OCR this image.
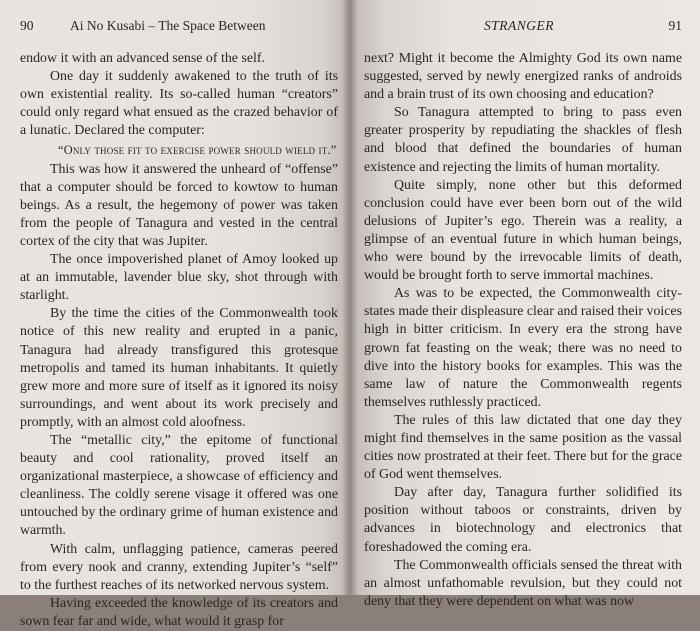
90	Ai No Kusabi – The Space Between

endow it with an advanced sense of the self.

One day it suddenly awakened to the truth of its own existential reality. Its so-called human “creators” could only regard what ensued as the crazed behavior of a lunatic. Declared the computer:

“Only those fit to exercise power should wield it.”

This was how it answered the unheard of “offense” that a computer should be forced to kowtow to human beings. As a result, the hegemony of power was taken from the people of Tanagura and vested in the central cortex of the city that was Jupiter.

The once impoverished planet of Amoy looked up at an immutable, lavender blue sky, shot through with starlight.

By the time the cities of the Commonwealth took notice of this new reality and erupted in a panic, Tanagura had already transfigured this grotesque metropolis and tamed its human inhabitants. It quietly grew more and more sure of itself as it ignored its noisy surroundings, and went about its work precisely and promptly, with an almost cold aloofness.

The “metallic city,” the epitome of functional beauty and cool rationality, proved itself an organizational masterpiece, a showcase of efficiency and cleanliness. The coldly serene visage it offered was one untouched by the ordinary grime of human existence and warmth.

With calm, unflagging patience, cameras peered from every nook and cranny, extending Jupiter’s “self” to the furthest reaches of its networked nervous system.

Having exceeded the knowledge of its creators and sown fear far and wide, what would it grasp for

STRANGER	91

next? Might it become the Almighty God its own name suggested, served by newly energized ranks of androids and a brain trust of its own choosing and education?

So Tanagura attempted to bring to pass even greater prosperity by repudiating the shackles of flesh and blood that defined the boundaries of human existence and rejecting the limits of human mortality.

Quite simply, none other but this deformed conclusion could have ever been born out of the wild delusions of Jupiter’s ego. Therein was a reality, a glimpse of an eventual future in which human beings, who were bound by the irrevocable limits of death, would be brought forth to serve immortal machines.

As was to be expected, the Commonwealth city-states made their displeasure clear and raised their voices high in bitter criticism. In every era the strong have grown fat feasting on the weak; there was no need to dive into the history books for examples. This was the same law of nature the Commonwealth regents themselves ruthlessly practiced.

The rules of this law dictated that one day they might find themselves in the same position as the vassal cities now prostrated at their feet. There but for the grace of God went themselves.

Day after day, Tanagura further solidified its position without taboos or constraints, driven by advances in biotechnology and electronics that foreshadowed the coming era.

The Commonwealth officials sensed the threat with an almost unfathomable revulsion, but they could not deny that they were dependent on what was now
